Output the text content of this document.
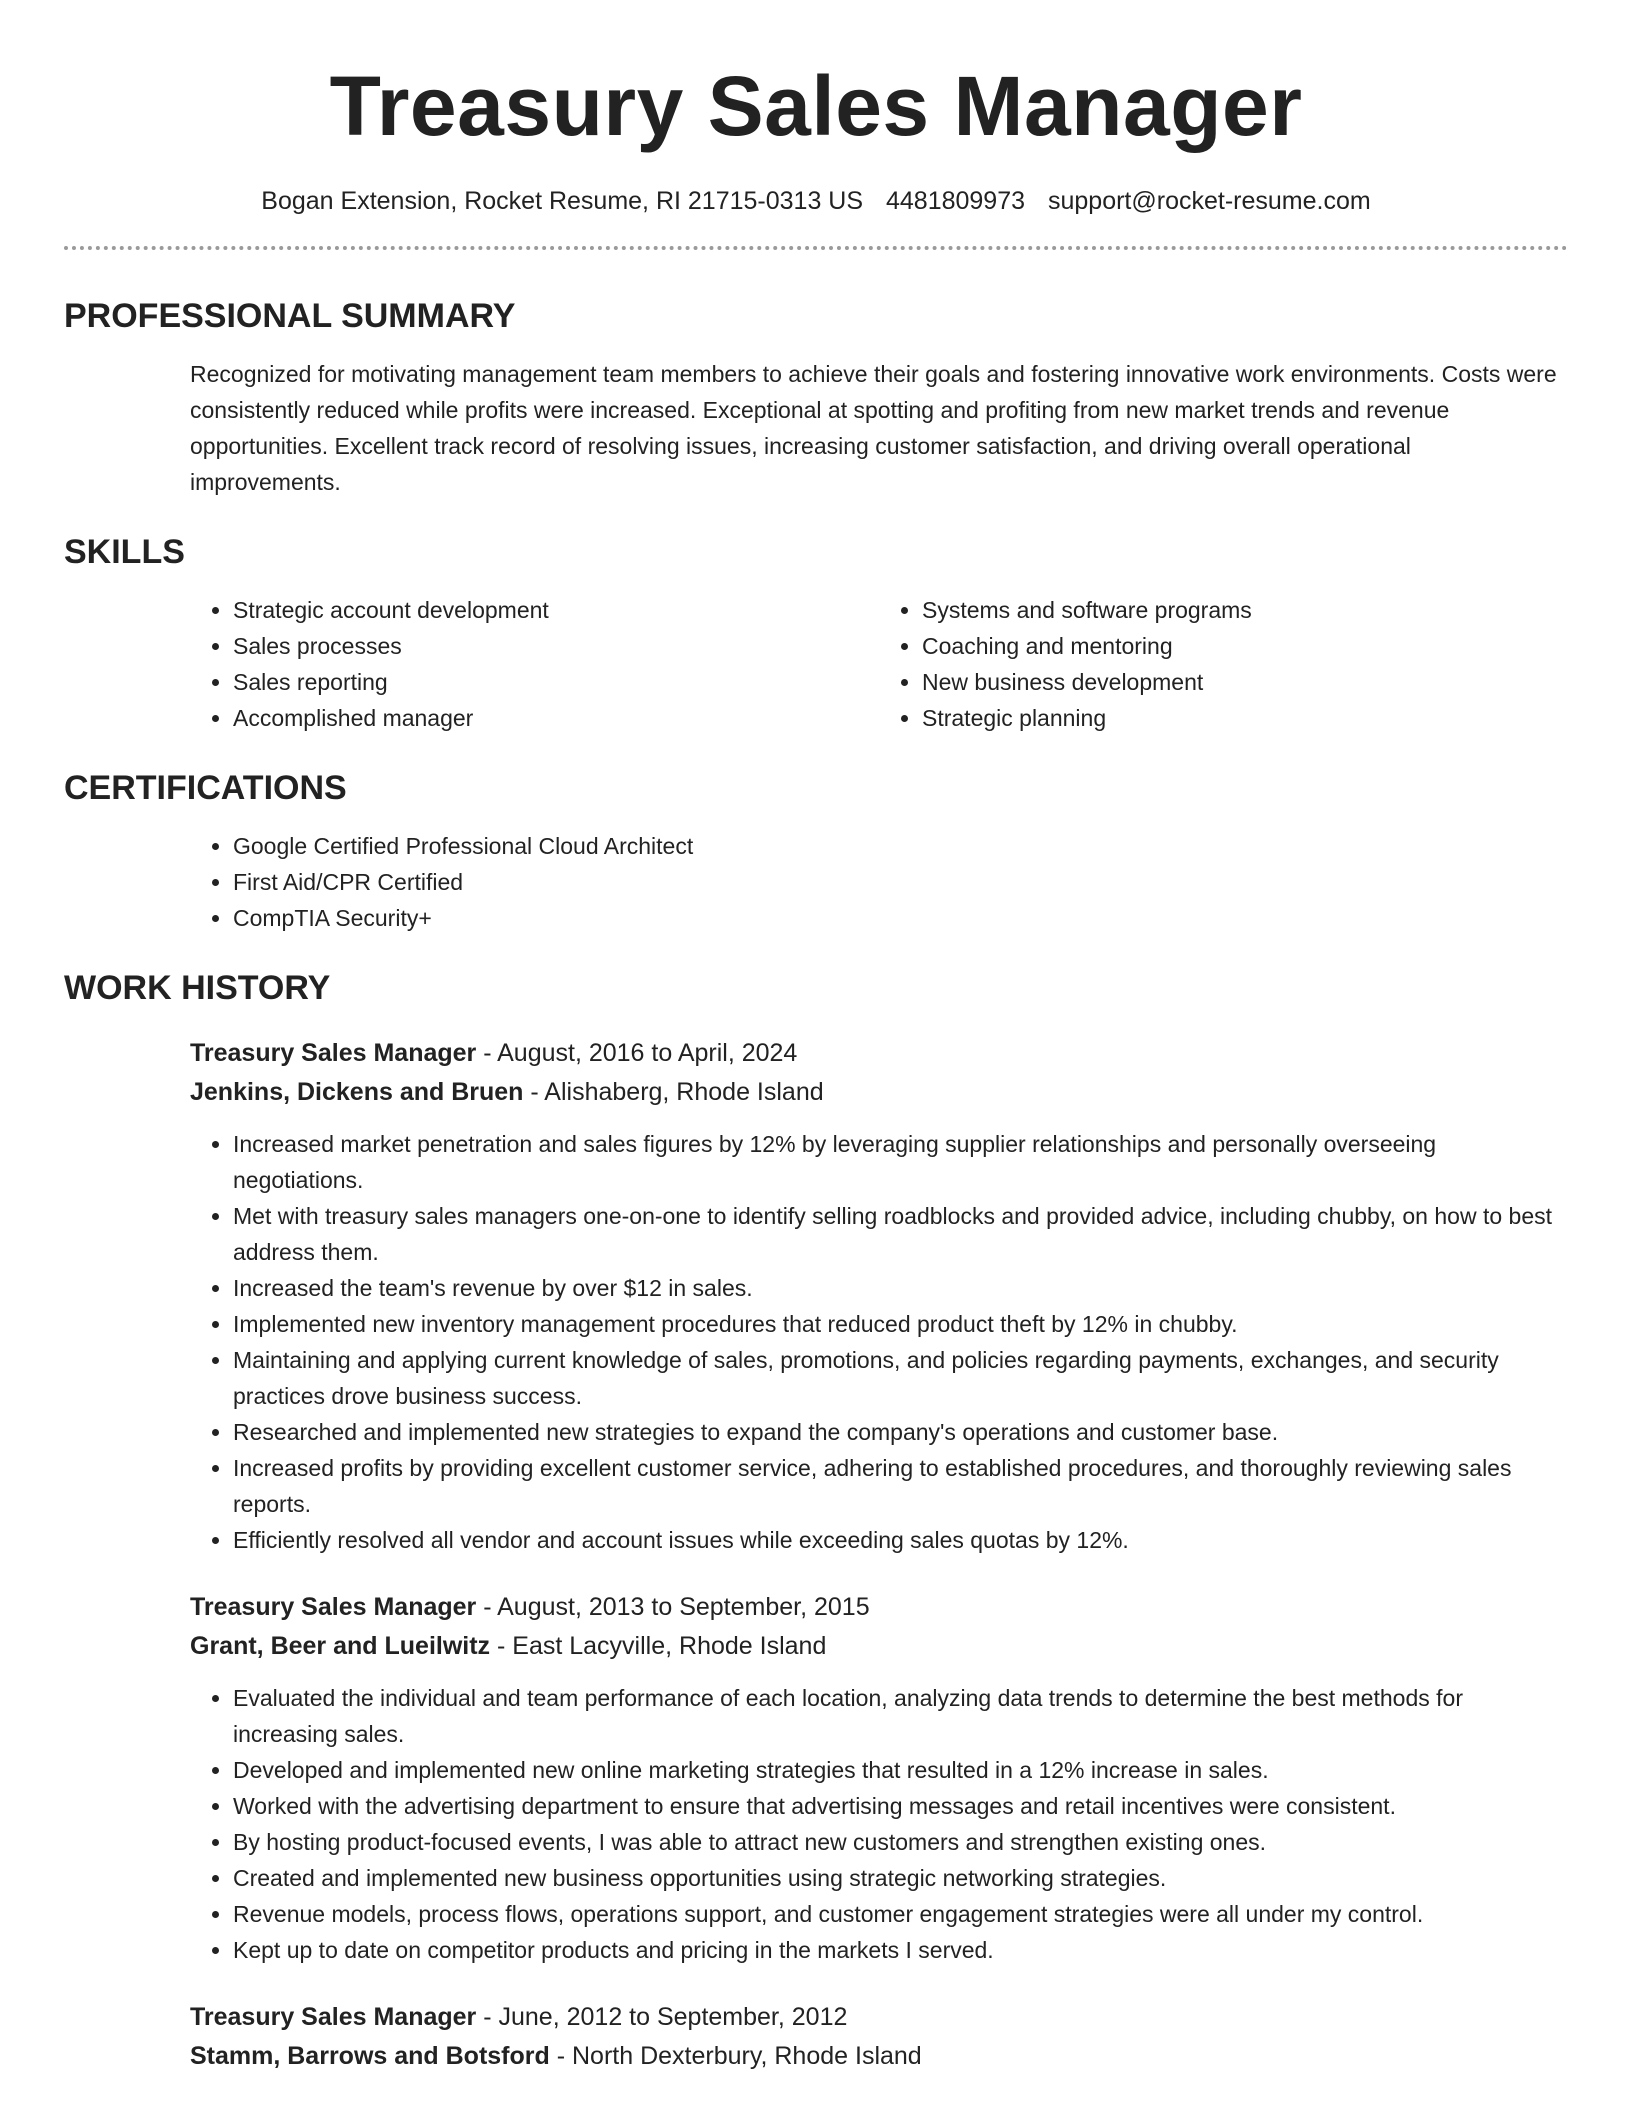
Treasury Sales Manager
Bogan Extension, Rocket Resume, RI 21715-0313 US 4481809973 support@rocket-resume.com
PROFESSIONAL SUMMARY

Recognized for motivating management team members to achieve their goals and fostering innovative work environments. Costs were consistently reduced while profits were increased. Exceptional at spotting and profiting from new market trends and revenue opportunities. Excellent track record of resolving issues, increasing customer satisfaction, and driving overall operational improvements.

SKILLS
• Strategic account development
• Sales processes
• Sales reporting
• Accomplished manager
• Systems and software programs
• Coaching and mentoring
• New business development
• Strategic planning
CERTIFICATIONS
• Google Certified Professional Cloud Architect
• First Aid/CPR Certified
• CompTIA Security+
WORK HISTORY
Treasury Sales Manager - August, 2016 to April, 2024
Jenkins, Dickens and Bruen - Alishaberg, Rhode Island
• Increased market penetration and sales figures by 12% by leveraging supplier relationships and personally overseeing negotiations.
• Met with treasury sales managers one-on-one to identify selling roadblocks and provided advice, including chubby, on how to best address them.
• Increased the team's revenue by over $12 in sales.
• Implemented new inventory management procedures that reduced product theft by 12% in chubby.
• Maintaining and applying current knowledge of sales, promotions, and policies regarding payments, exchanges, and security practices drove business success.
• Researched and implemented new strategies to expand the company's operations and customer base.
• Increased profits by providing excellent customer service, adhering to established procedures, and thoroughly reviewing sales reports.
• Efficiently resolved all vendor and account issues while exceeding sales quotas by 12%.
Treasury Sales Manager - August, 2013 to September, 2015
Grant, Beer and Lueilwitz - East Lacyville, Rhode Island
• Evaluated the individual and team performance of each location, analyzing data trends to determine the best methods for increasing sales.
• Developed and implemented new online marketing strategies that resulted in a 12% increase in sales.
• Worked with the advertising department to ensure that advertising messages and retail incentives were consistent.
• By hosting product-focused events, I was able to attract new customers and strengthen existing ones.
• Created and implemented new business opportunities using strategic networking strategies.
• Revenue models, process flows, operations support, and customer engagement strategies were all under my control.
• Kept up to date on competitor products and pricing in the markets I served.
Treasury Sales Manager - June, 2012 to September, 2012
Stamm, Barrows and Botsford - North Dexterbury, Rhode Island
